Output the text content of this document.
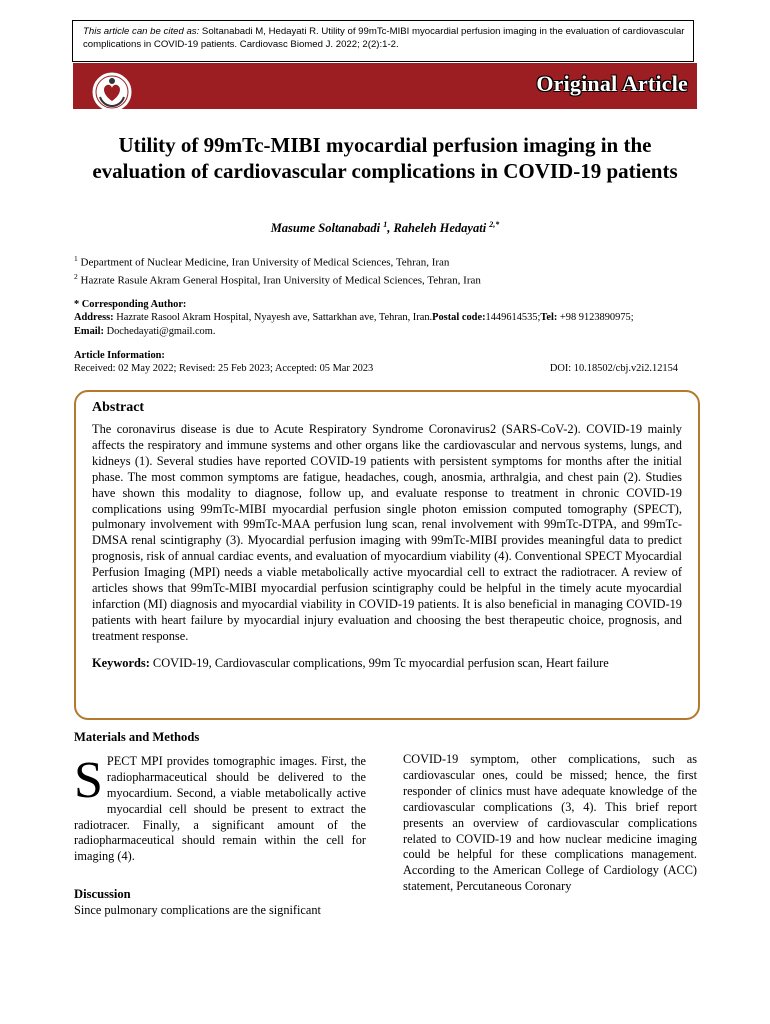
This article can be cited as: Soltanabadi M, Hedayati R. Utility of 99mTc-MIBI myocardial perfusion imaging in the evaluation of cardiovascular complications in COVID-19 patients. Cardiovasc Biomed J. 2022; 2(2):1-2.
Original Article
Utility of 99mTc-MIBI myocardial perfusion imaging in the evaluation of cardiovascular complications in COVID-19 patients
Masume Soltanabadi $^1$, Raheleh Hedayati $^{2,*}$
$^1$ Department of Nuclear Medicine, Iran University of Medical Sciences, Tehran, Iran
$^2$ Hazrate Rasule Akram General Hospital, Iran University of Medical Sciences, Tehran, Iran
* Corresponding Author:
Address: Hazrate Rasool Akram Hospital, Nyayesh ave, Sattarkhan ave, Tehran, Iran.Postal code:1449614535;Tel: +98 9123890975;
Email: Dochedayati@gmail.com.
Article Information:
Received: 02 May 2022; Revised: 25 Feb 2023; Accepted: 05 Mar 2023	DOI: 10.18502/cbj.v2i2.12154
Abstract

The coronavirus disease is due to Acute Respiratory Syndrome Coronavirus2 (SARS-CoV-2). COVID-19 mainly affects the respiratory and immune systems and other organs like the cardiovascular and nervous systems, lungs, and kidneys (1). Several studies have reported COVID-19 patients with persistent symptoms for months after the initial phase. The most common symptoms are fatigue, headaches, cough, anosmia, arthralgia, and chest pain (2). Studies have shown this modality to diagnose, follow up, and evaluate response to treatment in chronic COVID-19 complications using 99mTc-MIBI myocardial perfusion single photon emission computed tomography (SPECT), pulmonary involvement with 99mTc-MAA perfusion lung scan, renal involvement with 99mTc-DTPA, and 99mTc-DMSA renal scintigraphy (3). Myocardial perfusion imaging with 99mTc-MIBI provides meaningful data to predict prognosis, risk of annual cardiac events, and evaluation of myocardium viability (4). Conventional SPECT Myocardial Perfusion Imaging (MPI) needs a viable metabolically active myocardial cell to extract the radiotracer. A review of articles shows that 99mTc-MIBI myocardial perfusion scintigraphy could be helpful in the timely acute myocardial infarction (MI) diagnosis and myocardial viability in COVID-19 patients. It is also beneficial in managing COVID-19 patients with heart failure by myocardial injury evaluation and choosing the best therapeutic choice, prognosis, and treatment response.

Keywords: COVID-19, Cardiovascular complications, 99m Tc myocardial perfusion scan, Heart failure

Materials and Methods

SPECT MPI provides tomographic images. First, the radiopharmaceutical should be delivered to the myocardium. Second, a viable metabolically active myocardial cell should be present to extract the radiotracer. Finally, a significant amount of the radiopharmaceutical should remain within the cell for imaging (4).

Discussion

Since pulmonary complications are the significant

COVID-19 symptom, other complications, such as cardiovascular ones, could be missed; hence, the first responder of clinics must have adequate knowledge of the cardiovascular complications (3, 4). This brief report presents an overview of cardiovascular complications related to COVID-19 and how nuclear medicine imaging could be helpful for these complications management. According to the American College of Cardiology (ACC) statement, Percutaneous Coronary
